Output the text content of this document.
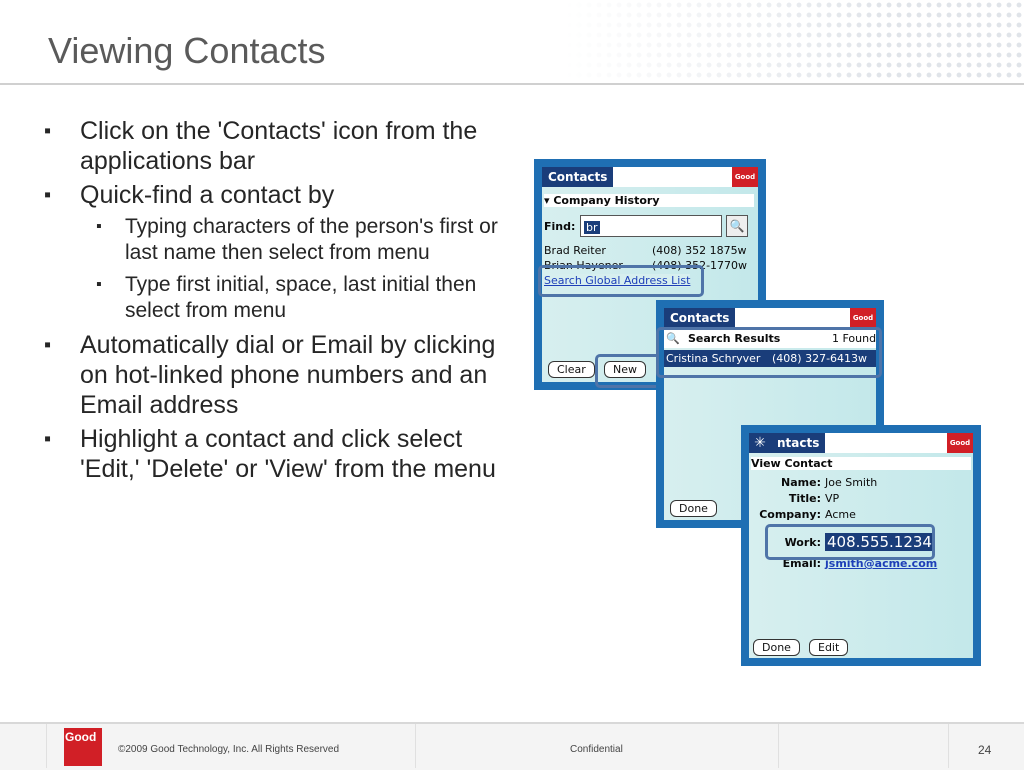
Viewing Contacts
▪ Click on the 'Contacts' icon from the applications bar
▪ Quick-find a contact by
▪ Typing characters of the person's first or last name then select from menu
▪ Type first initial, space, last initial then select from menu
▪ Automatically dial or Email by clicking on hot-linked phone numbers and an Email address
▪ Highlight a contact and click select 'Edit,' 'Delete' or 'View' from the menu
Contacts	Good
▾ Company History
Find: br	🔍
Brad Reiter	(408) 352 1875w
Brian Hayener	(408) 352-1770w
Search Global Address List
Clear	New
Contacts	Good
🔍 Search Results	1 Found
Cristina Schryver (408) 327-6413w
Done
✳ ntacts	Good
View Contact
Name: Joe Smith
Title: VP
Company: Acme
Work: 408.555.1234
Email: jsmith@acme.com
Done	Edit
Good
©2009 Good Technology, Inc. All Rights Reserved	Confidential	24
